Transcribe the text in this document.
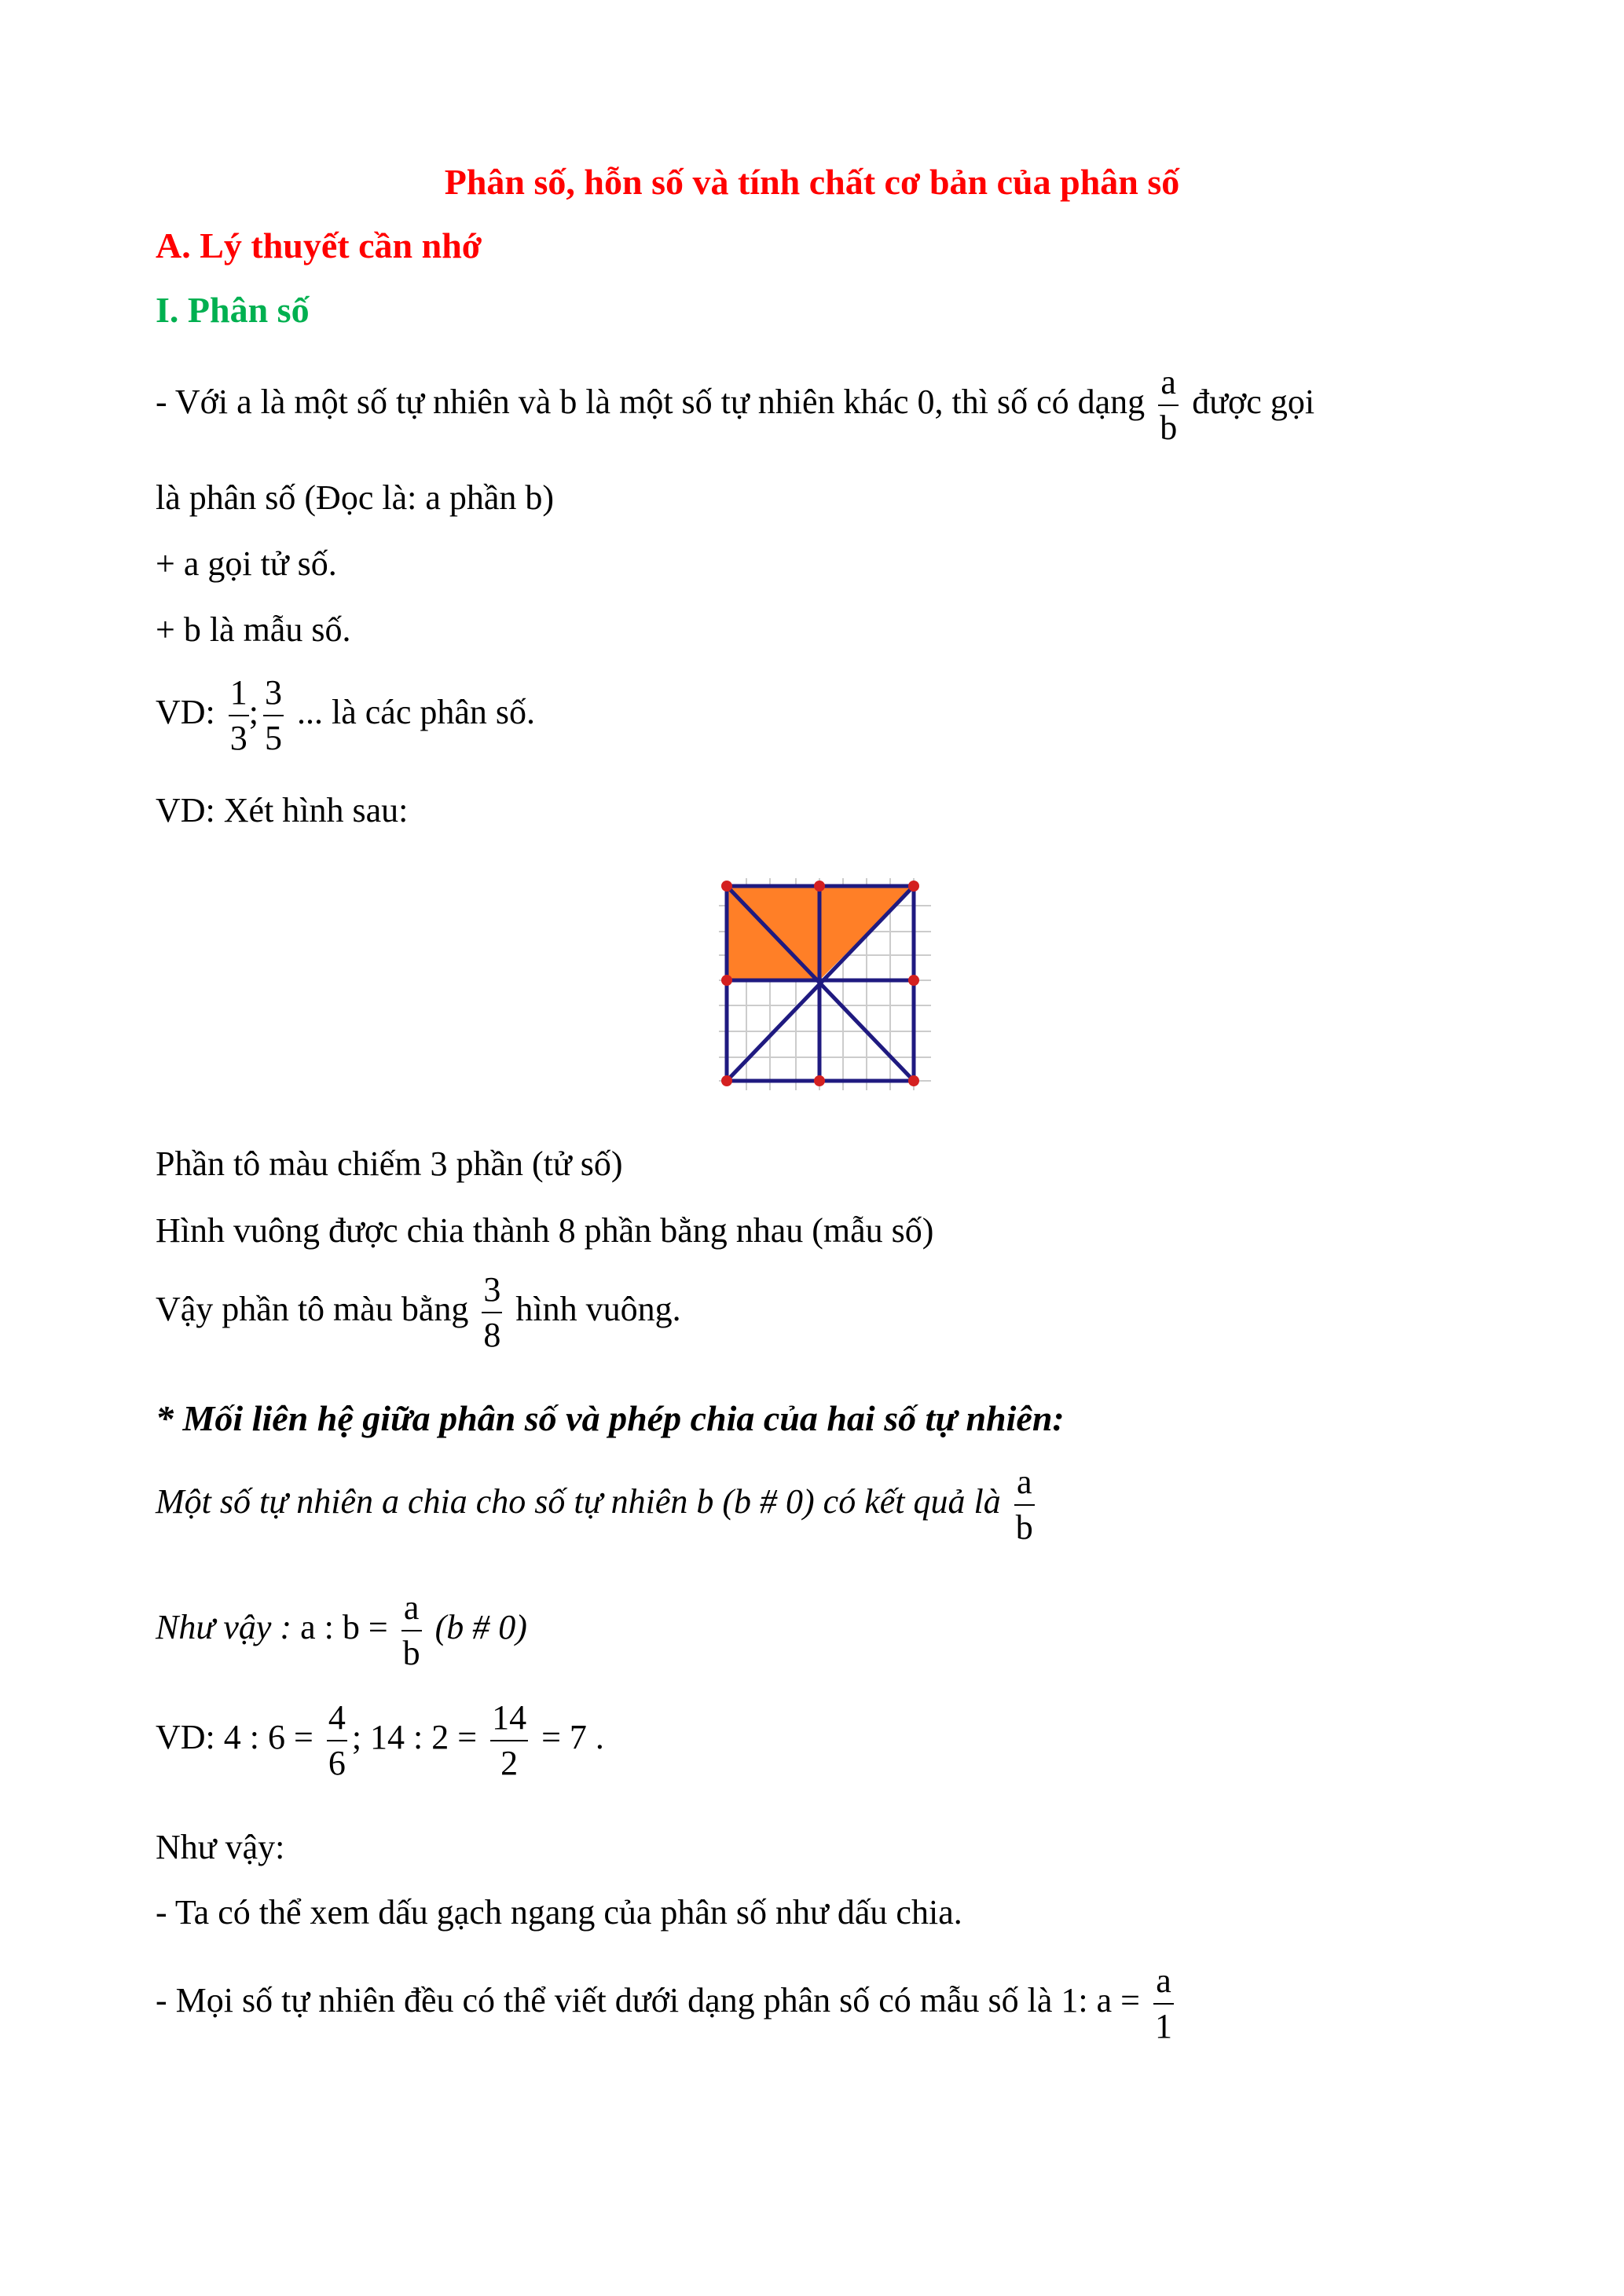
Phân số, hỗn số và tính chất cơ bản của phân số
A. Lý thuyết cần nhớ
I. Phân số
- Với a là một số tự nhiên và b là một số tự nhiên khác 0, thì số có dạng $\frac{a}{b}$ được gọi
là phân số (Đọc là: a phần b)
+ a gọi tử số.
+ b là mẫu số.
VD: $\frac{1}{3}$ ; $\frac{3}{5}$ ... là các phân số.
VD: Xét hình sau:
Phần tô màu chiếm 3 phần (tử số)
Hình vuông được chia thành 8 phần bằng nhau (mẫu số)
Vậy phần tô màu bằng $\frac{3}{8}$ hình vuông.
* Mối liên hệ giữa phân số và phép chia của hai số tự nhiên:
Một số tự nhiên a chia cho số tự nhiên b (b # 0) có kết quả là $\frac{a}{b}$
Như vậy : a : $b = \frac{a}{b} (b$ # 0)
VD: 4 : $6 = \frac{4}{6}$ ; 14 : $2 = \frac{14}{2} = 7$ .
Như vậy:
- Ta có thể xem dấu gạch ngang của phân số như dấu chia.
- Mọi số tự nhiên đều có thể viết dưới dạng phân số có mẫu số là 1: $a = \frac{a}{1}$
